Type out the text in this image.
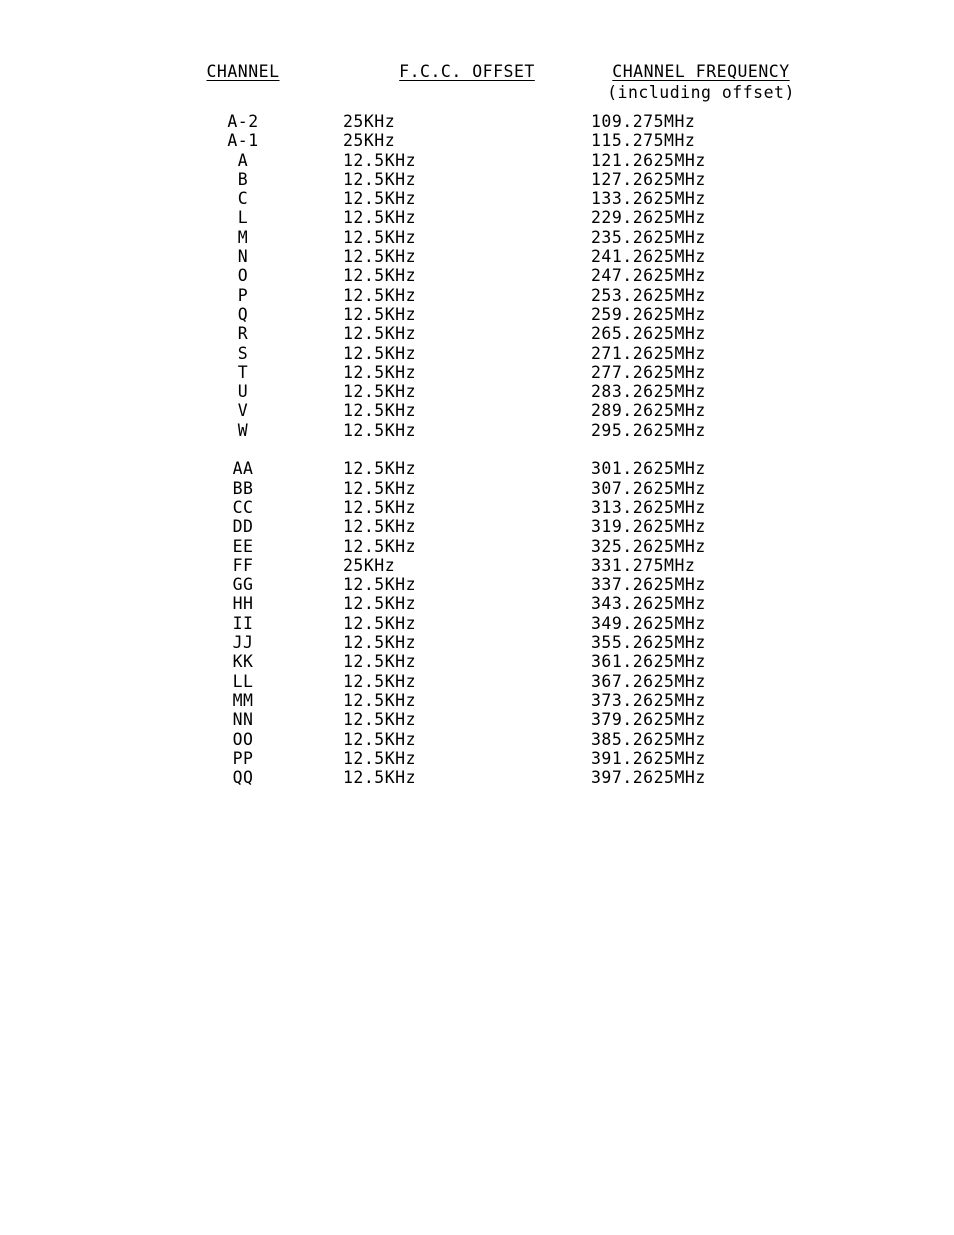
CHANNEL	F.C.C. OFFSET	CHANNEL FREQUENCY
		(including offset)
A-2	25KHz	109.275MHz
A-1	25KHz	115.275MHz
A	12.5KHz	121.2625MHz
B	12.5KHz	127.2625MHz
C	12.5KHz	133.2625MHz
L	12.5KHz	229.2625MHz
M	12.5KHz	235.2625MHz
N	12.5KHz	241.2625MHz
O	12.5KHz	247.2625MHz
P	12.5KHz	253.2625MHz
Q	12.5KHz	259.2625MHz
R	12.5KHz	265.2625MHz
S	12.5KHz	271.2625MHz
T	12.5KHz	277.2625MHz
U	12.5KHz	283.2625MHz
V	12.5KHz	289.2625MHz
W	12.5KHz	295.2625MHz

AA	12.5KHz	301.2625MHz
BB	12.5KHz	307.2625MHz
CC	12.5KHz	313.2625MHz
DD	12.5KHz	319.2625MHz
EE	12.5KHz	325.2625MHz
FF	25KHz	331.275MHz
GG	12.5KHz	337.2625MHz
HH	12.5KHz	343.2625MHz
II	12.5KHz	349.2625MHz
JJ	12.5KHz	355.2625MHz
KK	12.5KHz	361.2625MHz
LL	12.5KHz	367.2625MHz
MM	12.5KHz	373.2625MHz
NN	12.5KHz	379.2625MHz
OO	12.5KHz	385.2625MHz
PP	12.5KHz	391.2625MHz
QQ	12.5KHz	397.2625MHz
